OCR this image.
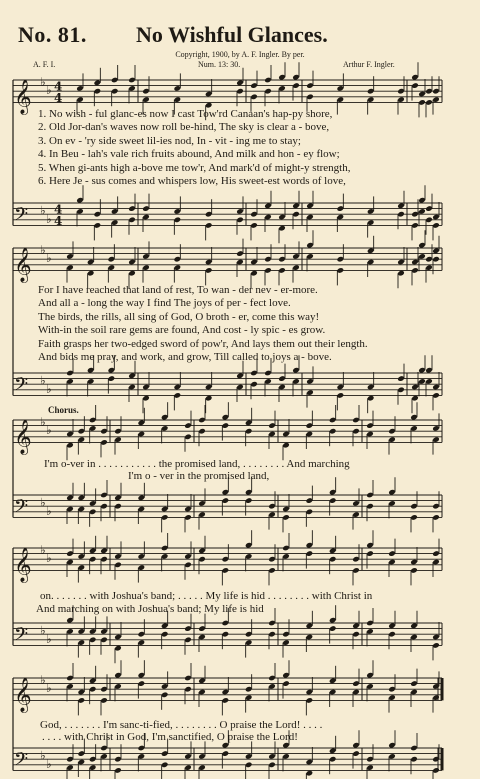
No. 81. No Wishful Glances.
Copyright, 1900, by A. F. Ingler. By per.
A. F. I.	Num. 13: 30.	Arthur F. Ingler.
𝄞 ♭
♭ 4
4
𝄢 ♭
♭
4
4
𝄞 ♭
♭
𝄢 ♭
♭
𝄞 ♭
♭
𝄢 ♭
♭
𝄞 ♭
♭
𝄢 ♭
♭
𝄞 ♭
♭
𝄢 ♭
♭
1. No wish - ful glanc-es now I cast Tow'rd Canaan's hap-py shore,
2. Old Jor-dan's waves now roll be-hind, The sky is clear a - bove,
3. On ev - 'ry side sweet lil-ies nod, In - vit - ing me to stay;
4. In Beu - lah's vale rich fruits abound, And milk and hon - ey flow;
5. When gi-ants high a-bove me tow'r, And mark'd of might-y strength,
6. Here Je - sus comes and whispers low, His sweet-est words of love,
For I have reached that land of rest, To wan - der nev - er-more.
And all a - long the way I find The joys of per - fect love.
The birds, the rills, all sing of God, O broth - er, come this way!
With-in the soil rare gems are found, And cost - ly spic - es grow.
Faith grasps her two-edged sword of pow'r, And lays them out their length.
And bids me pray, and work, and grow, Till called to joys a - bove.
Chorus.
I'm o-ver in . . . . . . . . . . . the promised land, . . . . . . . . And marching
I'm o - ver in the promised land,
on. . . . . . . with Joshua's band; . . . . . My life is hid . . . . . . . . with Christ in
And marching on with Joshua's band; My life is hid
God, . . . . . . . I'm sanc-ti-fied, . . . . . . . . O praise the Lord! . . . .
. . . . with Christ in God, I'm sanctified, O praise the Lord!
